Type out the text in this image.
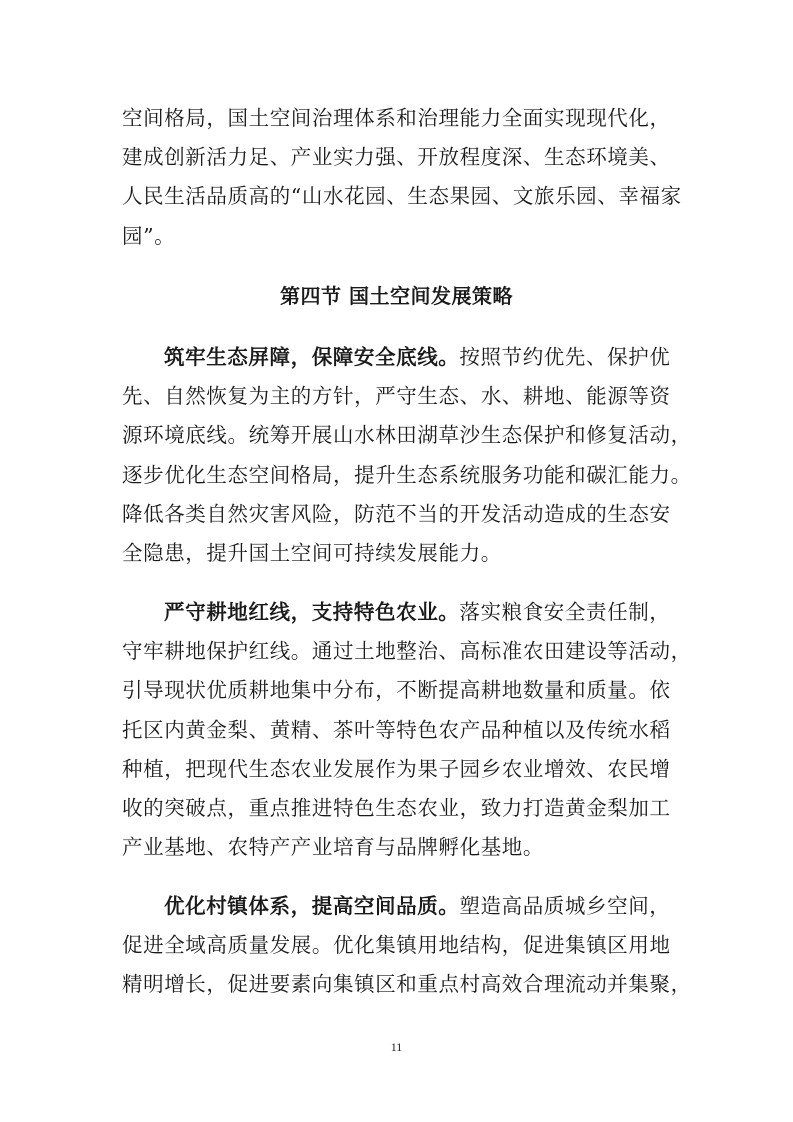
空间格局，国土空间治理体系和治理能力全面实现现代化，
建成创新活力足、产业实力强、开放程度深、生态环境美、
人民生活品质高的“山水花园、生态果园、文旅乐园、幸福家
园”。
第四节 国土空间发展策略
筑牢生态屏障，保障安全底线。按照节约优先、保护优
先、自然恢复为主的方针，严守生态、水、耕地、能源等资
源环境底线。统筹开展山水林田湖草沙生态保护和修复活动，
逐步优化生态空间格局，提升生态系统服务功能和碳汇能力。
降低各类自然灾害风险，防范不当的开发活动造成的生态安
全隐患，提升国土空间可持续发展能力。
严守耕地红线，支持特色农业。落实粮食安全责任制，
守牢耕地保护红线。通过土地整治、高标准农田建设等活动，
引导现状优质耕地集中分布，不断提高耕地数量和质量。依
托区内黄金梨、黄精、茶叶等特色农产品种植以及传统水稻
种植，把现代生态农业发展作为果子园乡农业增效、农民增
收的突破点，重点推进特色生态农业，致力打造黄金梨加工
产业基地、农特产产业培育与品牌孵化基地。
优化村镇体系，提高空间品质。塑造高品质城乡空间，
促进全域高质量发展。优化集镇用地结构，促进集镇区用地
精明增长，促进要素向集镇区和重点村高效合理流动并集聚，
11
